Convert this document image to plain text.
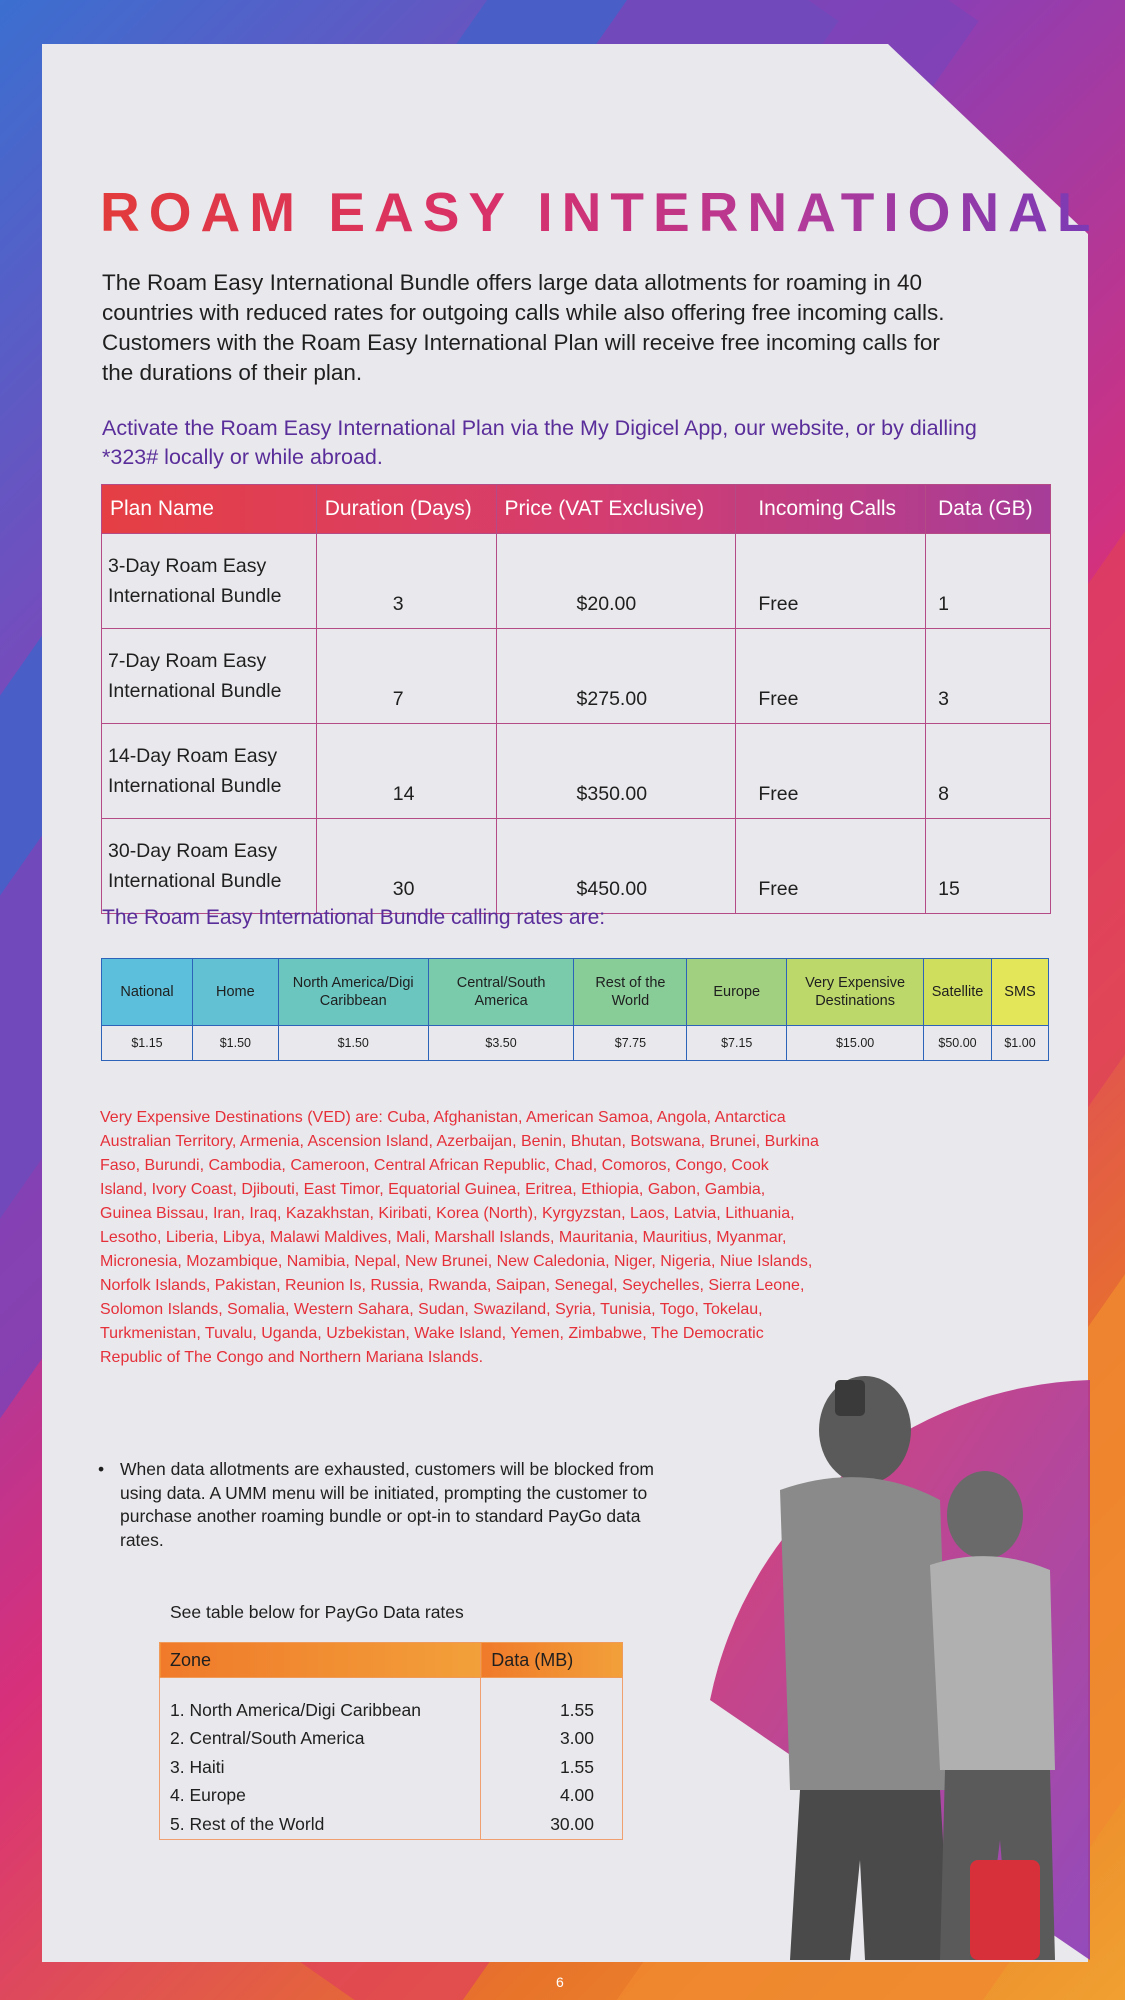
ROAM EASY INTERNATIONAL

The Roam Easy International Bundle offers large data allotments for roaming in 40 countries with reduced rates for outgoing calls while also offering free incoming calls. Customers with the Roam Easy International Plan will receive free incoming calls for the durations of their plan.

Activate the Roam Easy International Plan via the My Digicel App, our website, or by dialling *323# locally or while abroad.

Plan Name	Duration (Days)	Price (VAT Exclusive)	Incoming Calls	Data (GB)
3-Day Roam Easy
International Bundle	3	$20.00	Free	1
7-Day Roam Easy
International Bundle	7	$275.00	Free	3
14-Day Roam Easy
International Bundle	14	$350.00	Free	8
30-Day Roam Easy
International Bundle	30	$450.00	Free	15

The Roam Easy International Bundle calling rates are:

National	Home	North America/Digi Caribbean	Central/South America	Rest of the World	Europe	Very Expensive Destinations	Satellite	SMS
$1.15	$1.50	$1.50	$3.50	$7.75	$7.15	$15.00	$50.00	$1.00

Very Expensive Destinations (VED) are: Cuba, Afghanistan, American Samoa, Angola, Antarctica Australian Territory, Armenia, Ascension Island, Azerbaijan, Benin, Bhutan, Botswana, Brunei, Burkina Faso, Burundi, Cambodia, Cameroon, Central African Republic, Chad, Comoros, Congo, Cook Island, Ivory Coast, Djibouti, East Timor, Equatorial Guinea, Eritrea, Ethiopia, Gabon, Gambia, Guinea Bissau, Iran, Iraq, Kazakhstan, Kiribati, Korea (North), Kyrgyzstan, Laos, Latvia, Lithuania, Lesotho, Liberia, Libya, Malawi Maldives, Mali, Marshall Islands, Mauritania, Mauritius, Myanmar, Micronesia, Mozambique, Namibia, Nepal, New Brunei, New Caledonia, Niger, Nigeria, Niue Islands, Norfolk Islands, Pakistan, Reunion Is, Russia, Rwanda, Saipan, Senegal, Seychelles, Sierra Leone, Solomon Islands, Somalia, Western Sahara, Sudan, Swaziland, Syria, Tunisia, Togo, Tokelau, Turkmenistan, Tuvalu, Uganda, Uzbekistan, Wake Island, Yemen, Zimbabwe, The Democratic Republic of The Congo and Northern Mariana Islands.

• When data allotments are exhausted, customers will be blocked from using data. A UMM menu will be initiated, prompting the customer to purchase another roaming bundle or opt-in to standard PayGo data rates.

See table below for PayGo Data rates

Zone	Data (MB)

1. North America/Digi Caribbean	1.55
2. Central/South America	3.00
3. Haiti	1.55
4. Europe	4.00
5. Rest of the World	30.00

6
